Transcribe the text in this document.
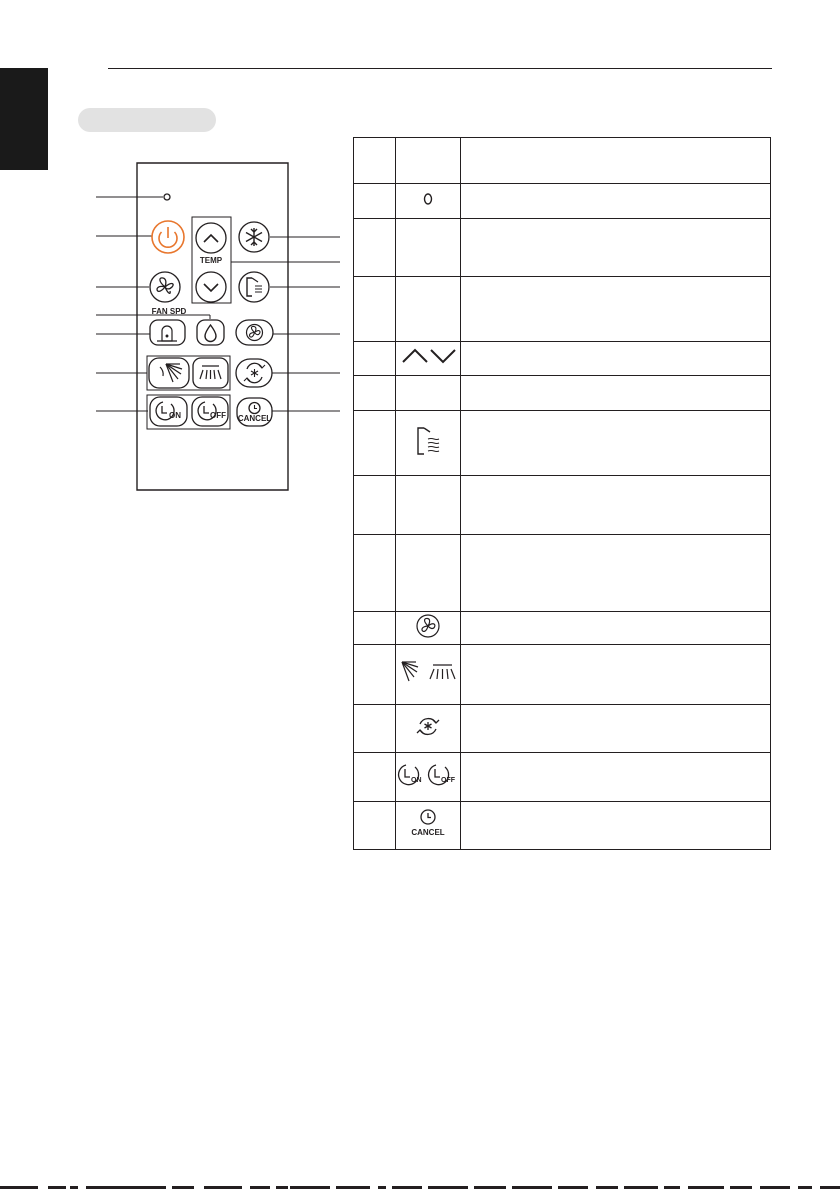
TEMP
FAN SPD
ON	OFF CANCEL

ON OFF	

CANCEL	
